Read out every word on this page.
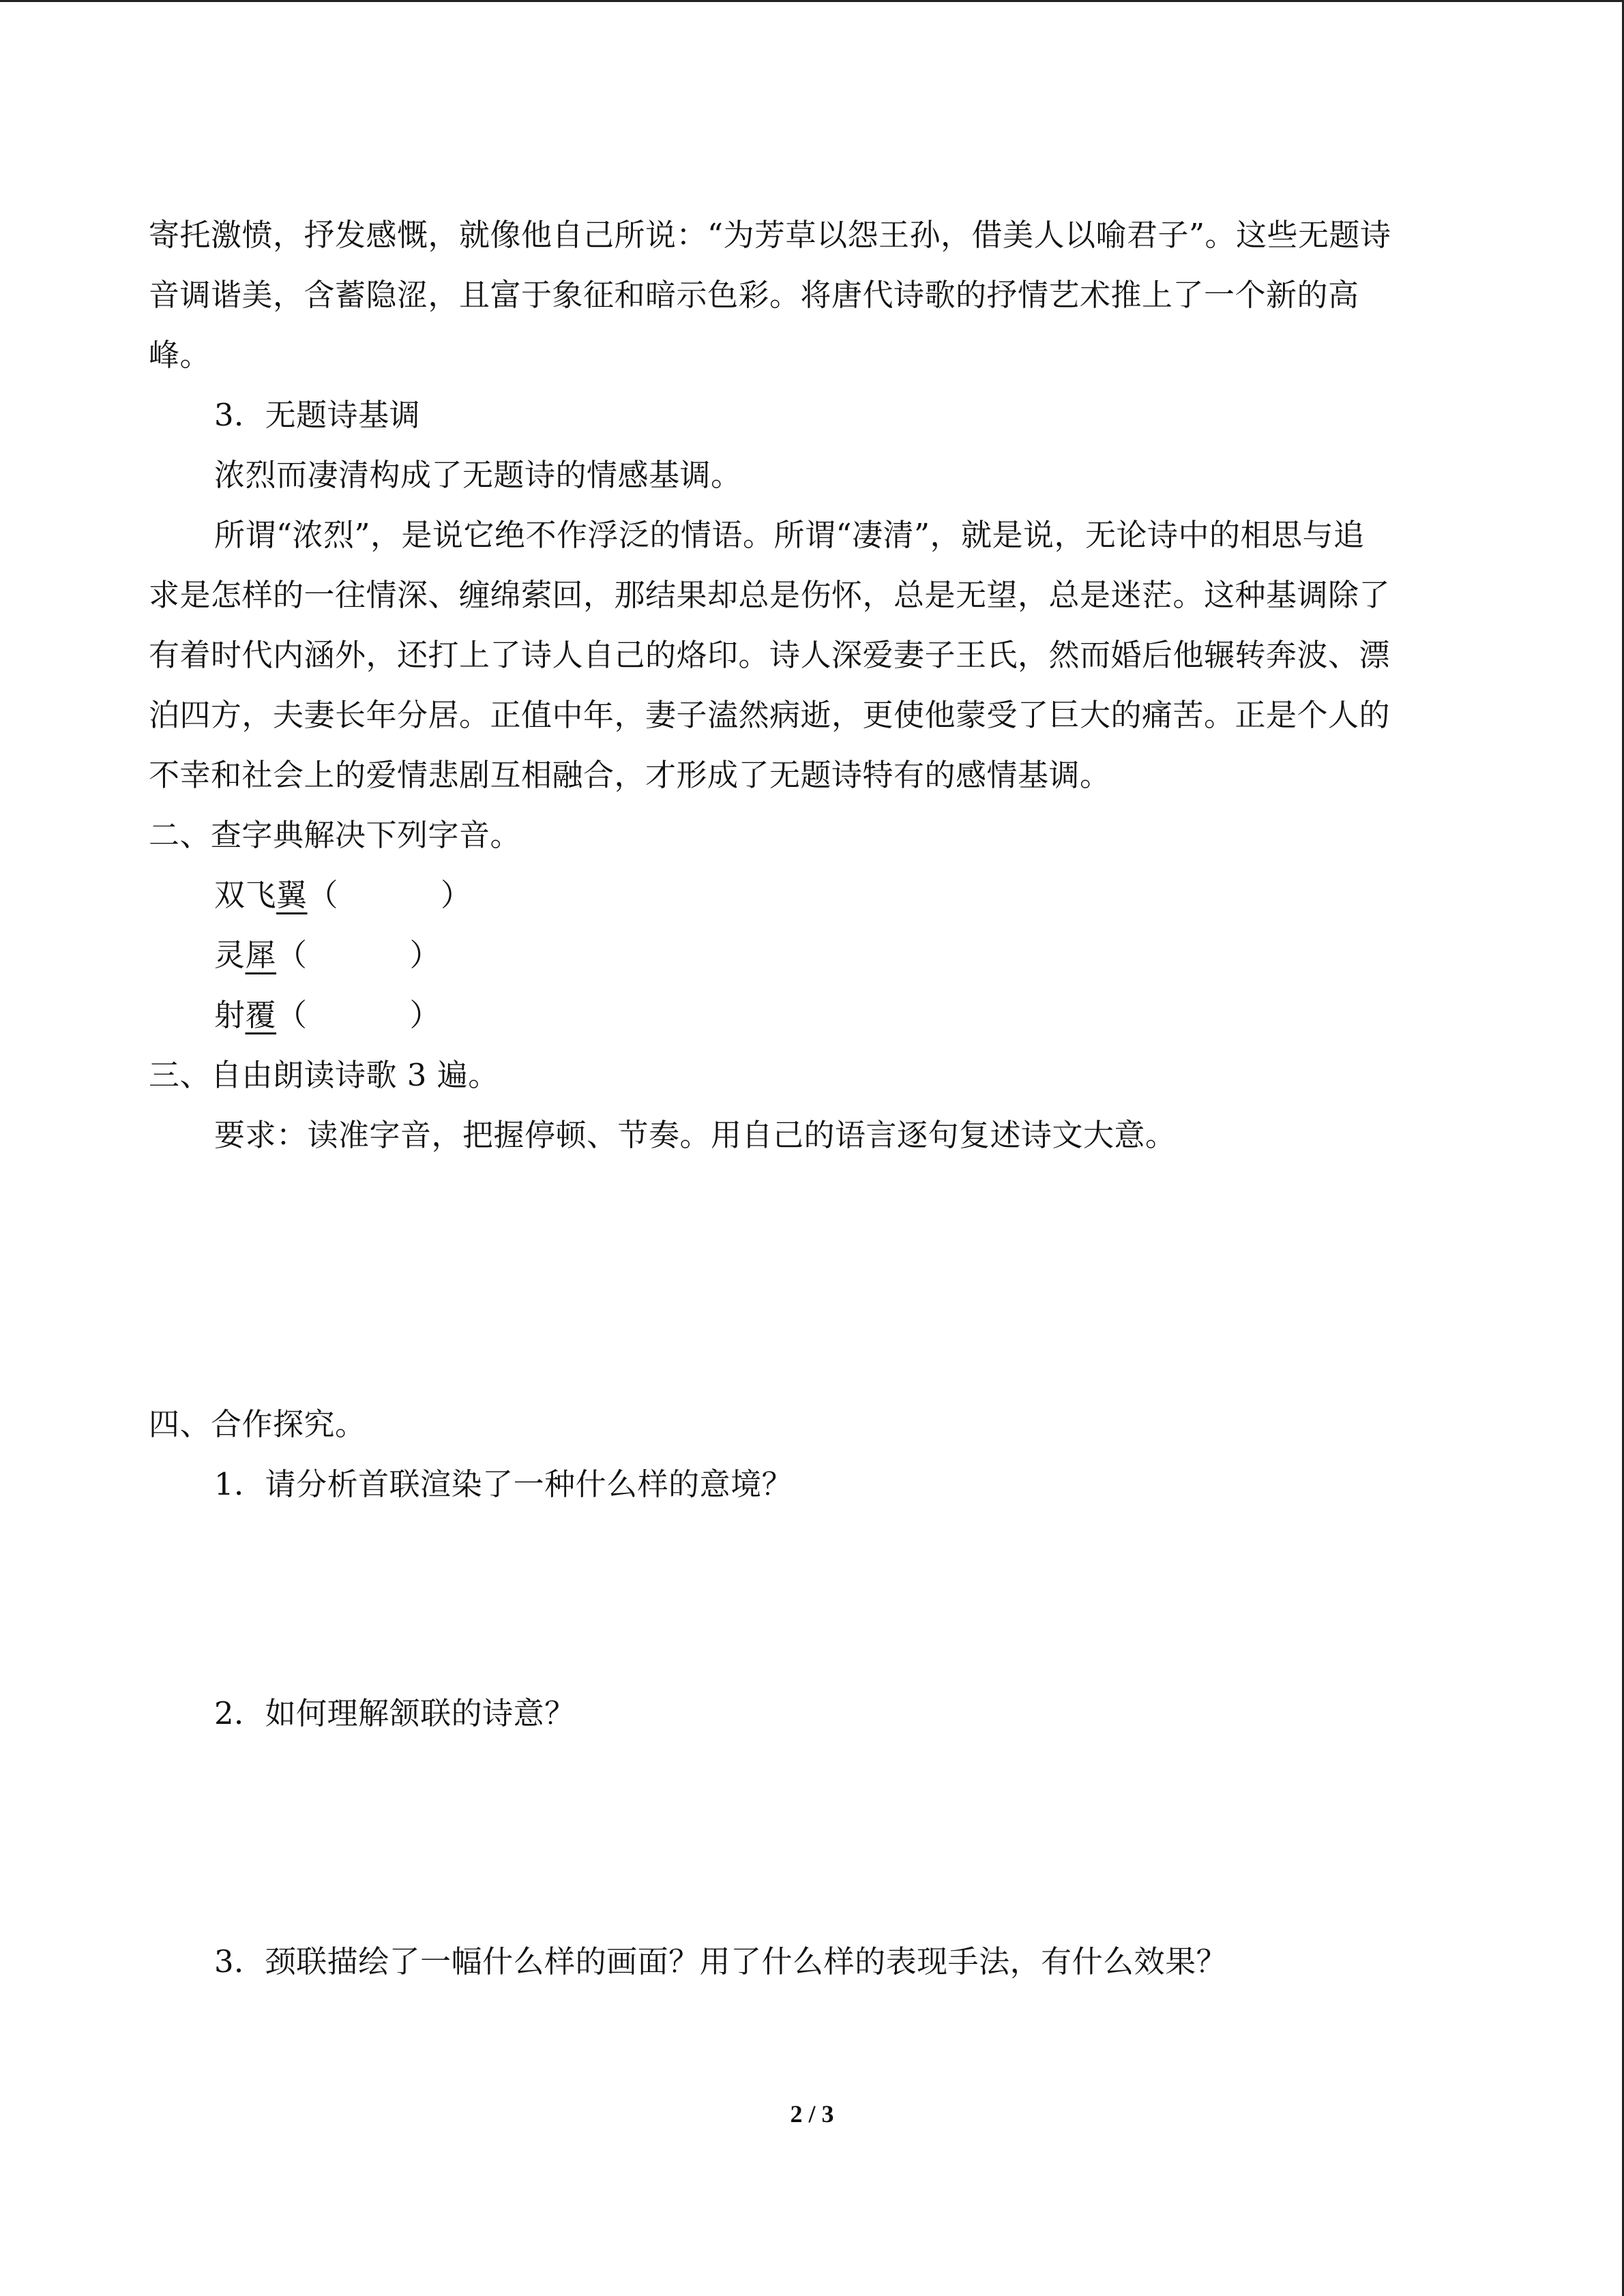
寄托激愤，抒发感慨，就像他自己所说：“为芳草以怨王孙，借美人以喻君子”。这些无题诗
音调谐美，含蓄隐涩，且富于象征和暗示色彩。将唐代诗歌的抒情艺术推上了一个新的高
峰。
3．无题诗基调
浓烈而凄清构成了无题诗的情感基调。
所谓“浓烈”，是说它绝不作浮泛的情语。所谓“凄清”，就是说，无论诗中的相思与追
求是怎样的一往情深、缠绵萦回，那结果却总是伤怀，总是无望，总是迷茫。这种基调除了
有着时代内涵外，还打上了诗人自己的烙印。诗人深爱妻子王氏，然而婚后他辗转奔波、漂
泊四方，夫妻长年分居。正值中年，妻子溘然病逝，更使他蒙受了巨大的痛苦。正是个人的
不幸和社会上的爱情悲剧互相融合，才形成了无题诗特有的感情基调。
二、查字典解决下列字音。
双飞翼（	）
灵犀（	）
射覆（	）
三、自由朗读诗歌 3 遍。
要求：读准字音，把握停顿、节奏。用自己的语言逐句复述诗文大意。
四、合作探究。
1．请分析首联渲染了一种什么样的意境？
2．如何理解颔联的诗意？
3．颈联描绘了一幅什么样的画面？用了什么样的表现手法，有什么效果？
2 / 3
